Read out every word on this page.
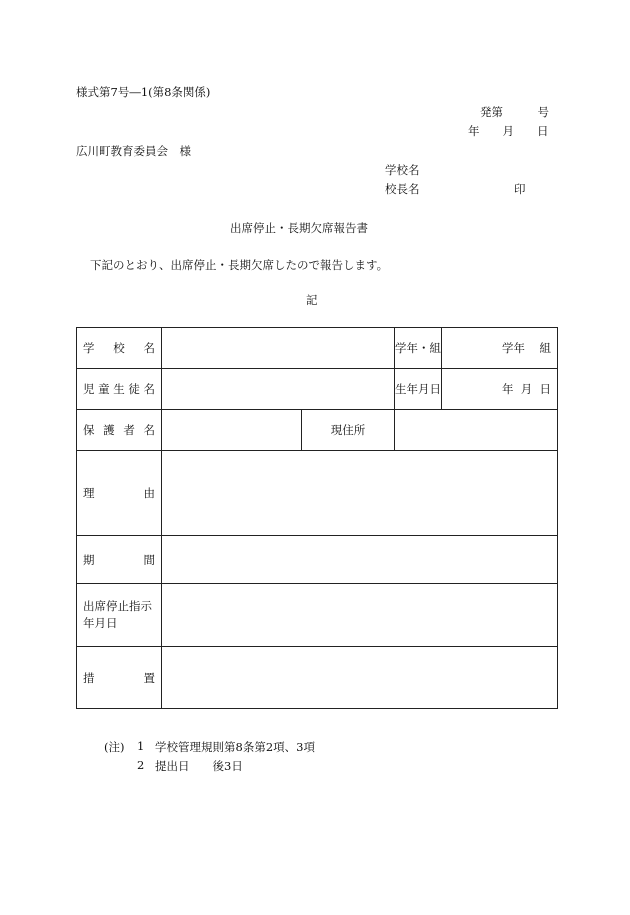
様式第7号―1(第8条関係)
発第　　　号
年　　月　　日
広川町教育委員会　様
学校名
校長名	印
出席停止・長期欠席報告書
下記のとおり、出席停止・長期欠席したので報告します。
記
学 校 名			学年・組	学年 組

児 童 生 徒 名			生年月日	年 月 日

保 護 者 名		現住所		

理 由				

期 間				

出席停止指示
年月日				

措 置				

(注) 1 学校管理規則第8条第2項、3項
2 提出日　　後3日
